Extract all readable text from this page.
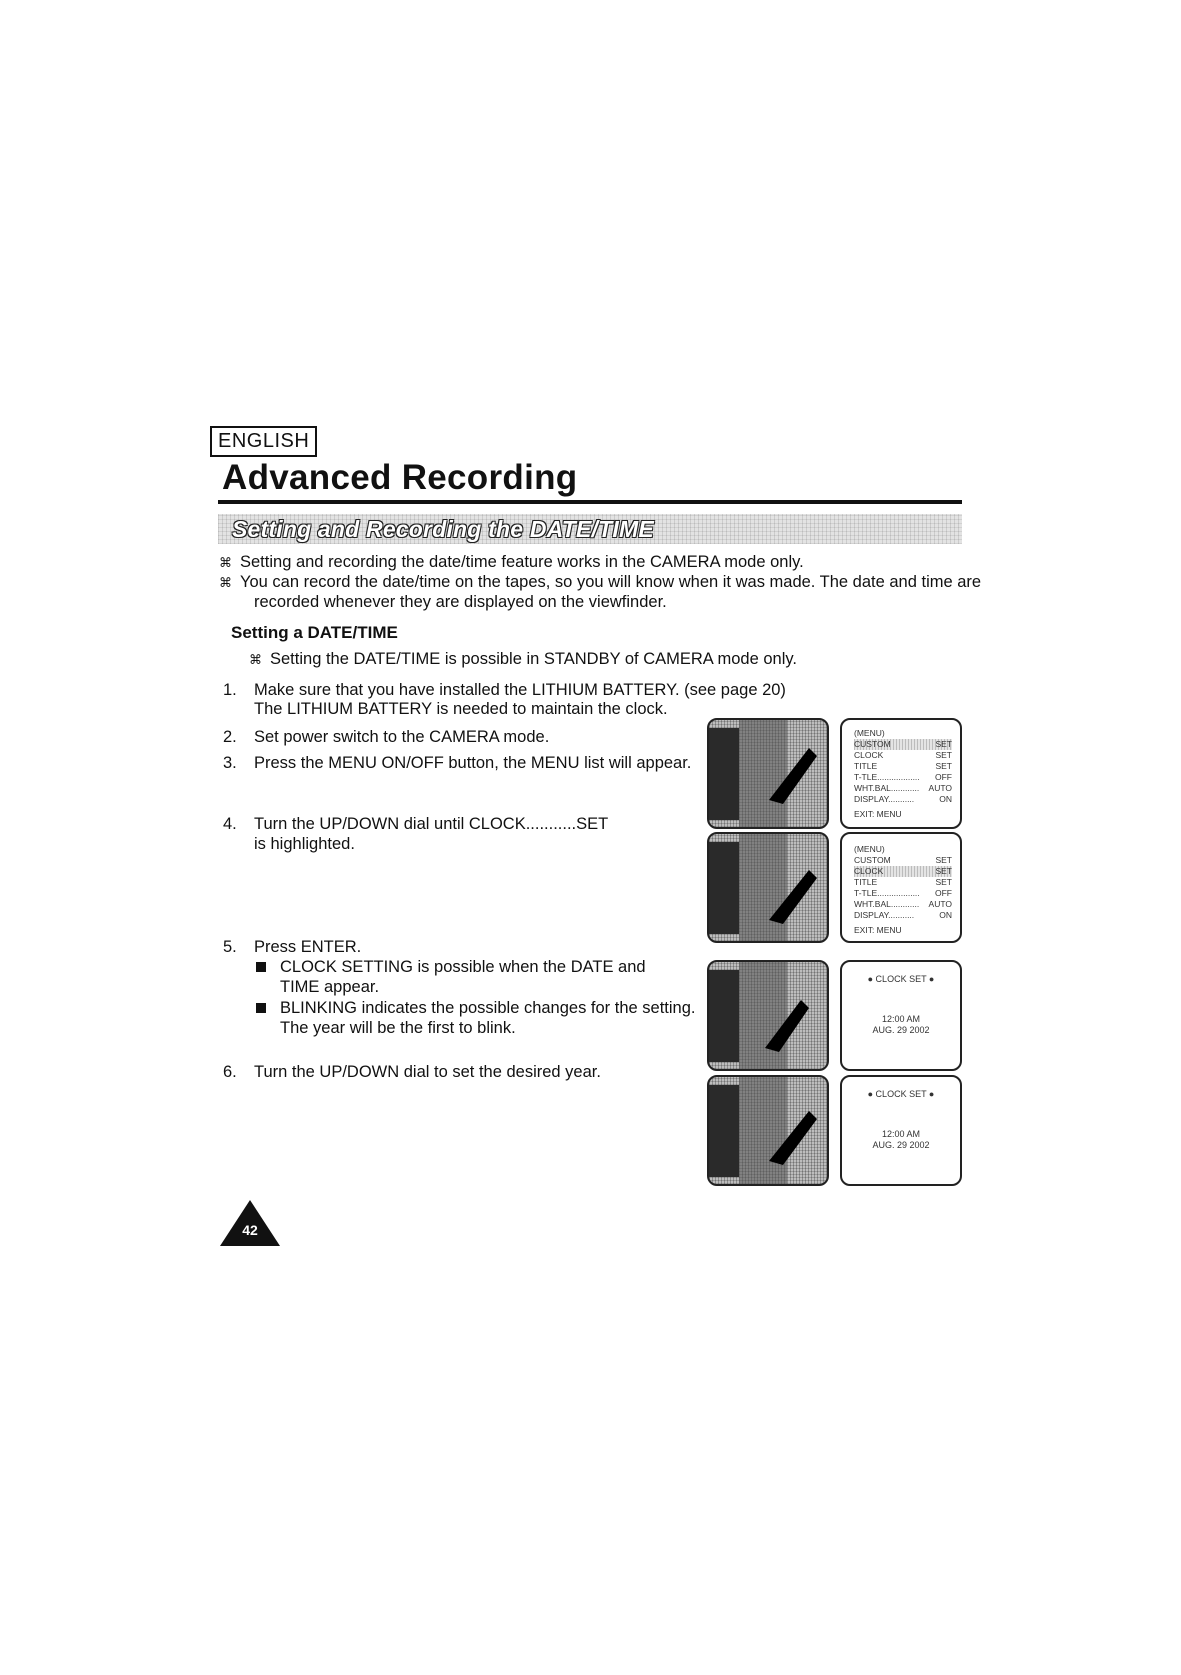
ENGLISH
Advanced Recording
Setting and Recording the DATE/TIME
⌘ Setting and recording the date/time feature works in the CAMERA mode only.

⌘ You can record the date/time on the tapes, so you will know when it was made. The date and time are

recorded whenever they are displayed on the viewfinder.

Setting a DATE/TIME
⌘ Setting the DATE/TIME is possible in STANDBY of CAMERA mode only.

1. Make sure that you have installed the LITHIUM BATTERY. (see page 20)

The LITHIUM BATTERY is needed to maintain the clock.

2. Set power switch to the CAMERA mode.

3. Press the MENU ON/OFF button, the MENU list will appear.

4. Turn the UP/DOWN dial until CLOCK...........SET

is highlighted.

5. Press ENTER.

CLOCK SETTING is possible when the DATE and

TIME appear.

BLINKING indicates the possible changes for the setting.

The year will be the first to blink.

6. Turn the UP/DOWN dial to set the desired year.

(MENU)
CUSTOM	SET
CLOCK	SET
TITLE	SET
T-TLE.................. OFF
WHT.BAL............ AUTO
DISPLAY...........	ON
EXIT: MENU
(MENU)
CUSTOM	SET
CLOCK	SET
TITLE	SET
T-TLE.................. OFF
WHT.BAL............ AUTO
DISPLAY...........	ON
EXIT: MENU
● CLOCK SET ●
12:00 AM
AUG. 29 2002
● CLOCK SET ●
12:00 AM
AUG. 29 2002
42
